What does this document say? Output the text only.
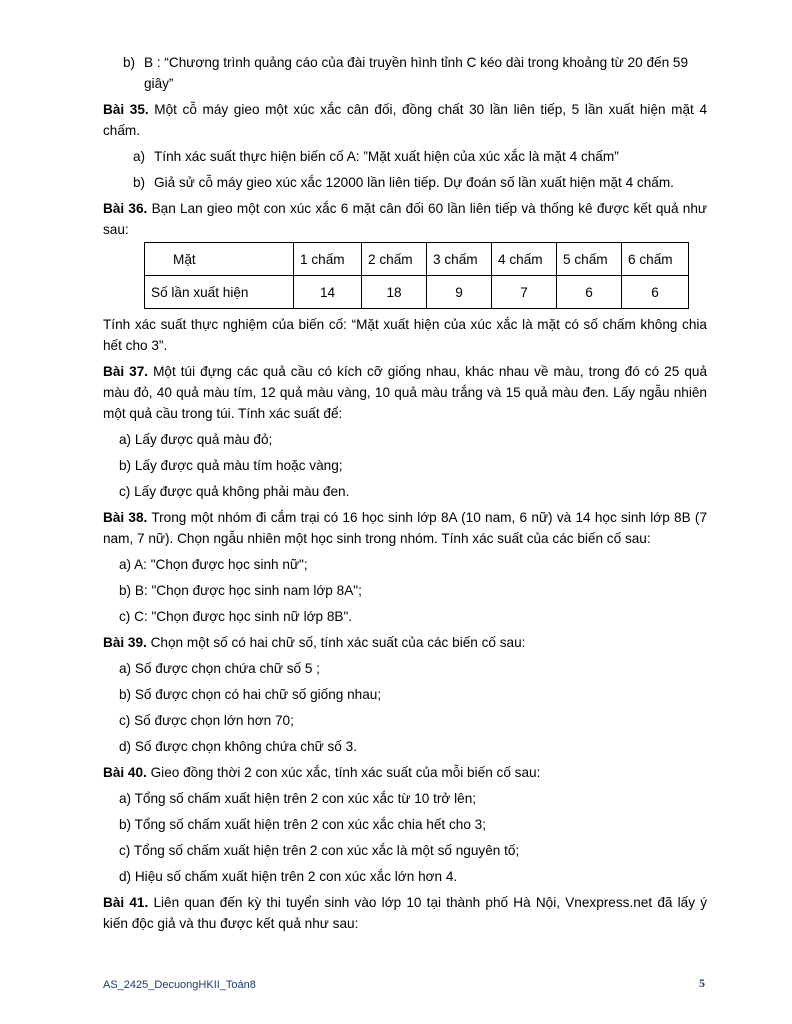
b) B : “Chương trình quảng cáo của đài truyền hình tỉnh C kéo dài trong khoảng từ 20 đến 59 giây”

Bài 35. Một cỗ máy gieo một xúc xắc cân đối, đồng chất 30 lần liên tiếp, 5 lần xuất hiện mặt 4 chấm.

a) Tính xác suất thực hiện biến cố A: ”Mặt xuất hiện của xúc xắc là mặt 4 chấm”
b) Giả sử cỗ máy gieo xúc xắc 12000 lần liên tiếp. Dự đoán số lần xuất hiện mặt 4 chấm.

Bài 36. Bạn Lan gieo một con xúc xắc 6 mặt cân đối 60 lần liên tiếp và thống kê được kết quả như sau:

Mặt	1 chấm	2 chấm	3 chấm	4 chấm	5 chấm	6 chấm
Số lần xuất hiện	14	18	9	7	6	6

Tính xác suất thực nghiệm của biến cố: “Mặt xuất hiện của xúc xắc là mặt có số chấm không chia hết cho 3”.

Bài 37. Một túi đựng các quả cầu có kích cỡ giống nhau, khác nhau về màu, trong đó có 25 quả màu đỏ, 40 quả màu tím, 12 quả màu vàng, 10 quả màu trắng và 15 quả màu đen. Lấy ngẫu nhiên một quả cầu trong túi. Tính xác suất để:

a) Lấy được quả màu đỏ;

b) Lấy được quả màu tím hoặc vàng;

c) Lấy được quả không phải màu đen.

Bài 38. Trong một nhóm đi cắm trại có 16 học sinh lớp 8A (10 nam, 6 nữ) và 14 học sinh lớp 8B (7 nam, 7 nữ). Chọn ngẫu nhiên một học sinh trong nhóm. Tính xác suất của các biến cố sau:

a) A: "Chọn được học sinh nữ";

b) B: "Chọn được học sinh nam lớp 8A";

c) C: "Chọn được học sinh nữ lớp 8B".

Bài 39. Chọn một số có hai chữ số, tính xác suất của các biến cố sau:

a) Số được chọn chứa chữ số 5 ;

b) Số được chọn có hai chữ số giống nhau;

c) Số được chọn lớn hơn 70;

d) Số được chọn không chứa chữ số 3.

Bài 40. Gieo đồng thời 2 con xúc xắc, tính xác suất của mỗi biến cố sau:

a) Tổng số chấm xuất hiện trên 2 con xúc xắc từ 10 trở lên;

b) Tổng số chấm xuất hiện trên 2 con xúc xắc chia hết cho 3;

c) Tổng số chấm xuất hiện trên 2 con xúc xắc là một số nguyên tố;

d) Hiệu số chấm xuất hiện trên 2 con xúc xắc lớn hơn 4.

Bài 41. Liên quan đến kỳ thi tuyển sinh vào lớp 10 tại thành phố Hà Nội, Vnexpress.net đã lấy ý kiến độc giả và thu được kết quả như sau:

AS_2425_DecuongHKII_Toán8	5
